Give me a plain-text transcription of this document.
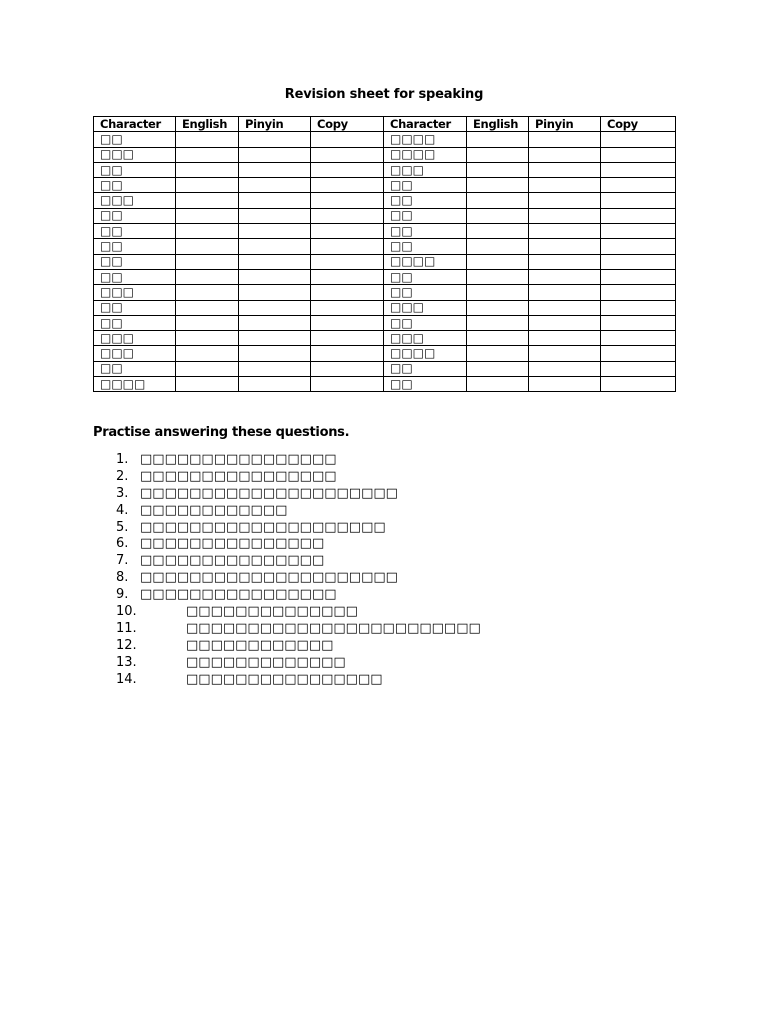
Revision sheet for speaking
Character	English	Pinyin	Copy	Character	English	Pinyin	Copy
□□				□□□□			
□□□				□□□□			
□□				□□□			
□□				□□			
□□□				□□			
□□				□□			
□□				□□			
□□				□□			
□□				□□□□			
□□				□□			
□□□				□□			
□□				□□□			
□□				□□			
□□□				□□□			
□□□				□□□□			
□□				□□			
□□□□				□□			
Practise answering these questions.
1. □□□□□□□□□□□□□□□□
2. □□□□□□□□□□□□□□□□
3. □□□□□□□□□□□□□□□□□□□□□
4. □□□□□□□□□□□□
5. □□□□□□□□□□□□□□□□□□□□
6. □□□□□□□□□□□□□□□
7. □□□□□□□□□□□□□□□
8. □□□□□□□□□□□□□□□□□□□□□
9. □□□□□□□□□□□□□□□□
10.	□□□□□□□□□□□□□□
11.	□□□□□□□□□□□□□□□□□□□□□□□□
12.	□□□□□□□□□□□□
13.	□□□□□□□□□□□□□
14.	□□□□□□□□□□□□□□□□
